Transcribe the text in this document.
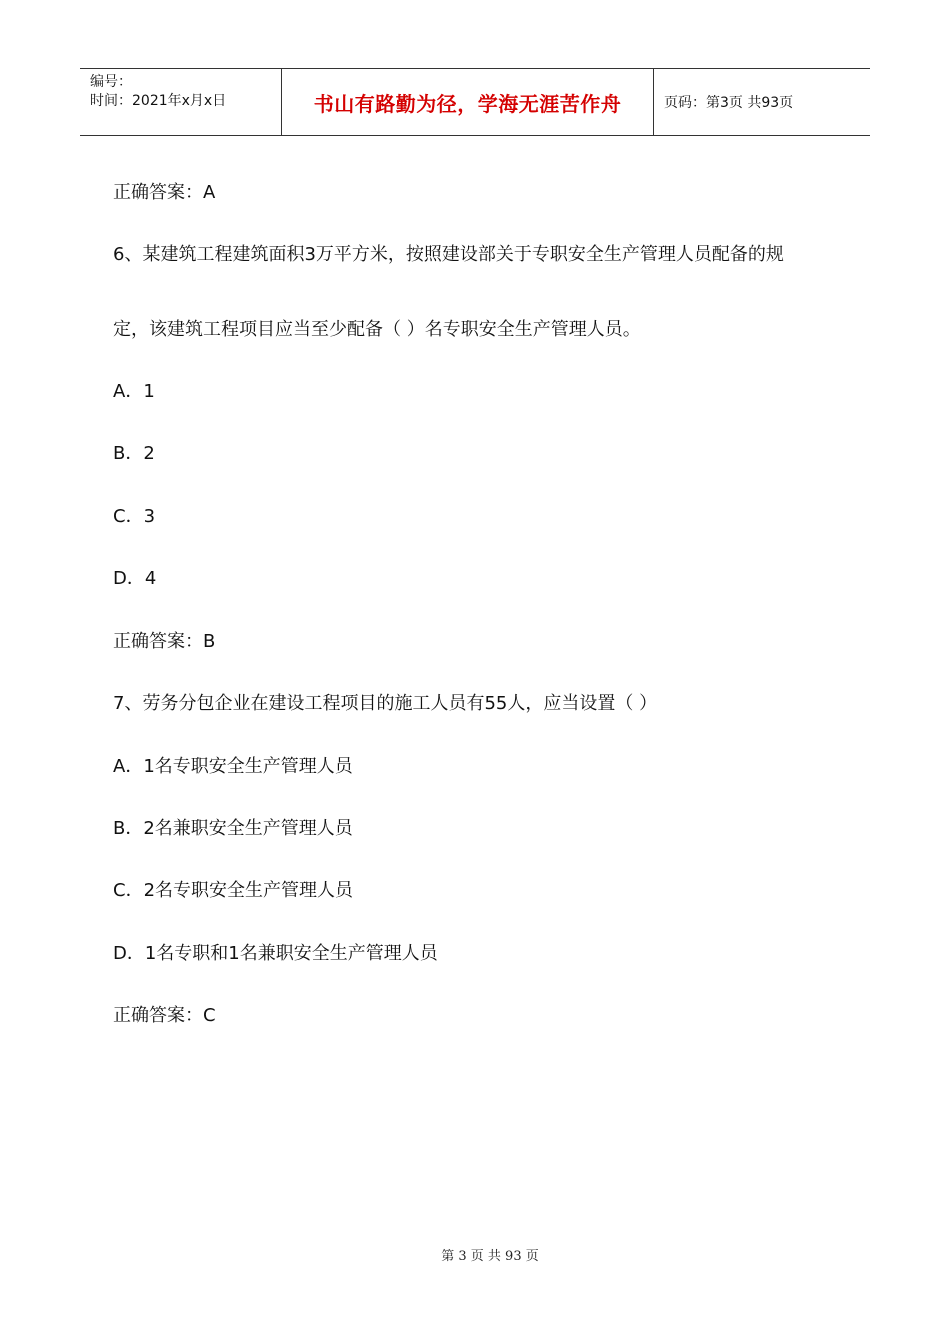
编号：
时间：2021年x月x日	书山有路勤为径，学海无涯苦作舟	页码：第3页 共93页
正确答案：A
6、某建筑工程建筑面积3万平方米，按照建设部关于专职安全生产管理人员配备的规
定，该建筑工程项目应当至少配备（ ）名专职安全生产管理人员。
A．1
B．2
C．3
D．4
正确答案：B
7、劳务分包企业在建设工程项目的施工人员有55人，应当设置（ ）
A．1名专职安全生产管理人员
B．2名兼职安全生产管理人员
C．2名专职安全生产管理人员
D．1名专职和1名兼职安全生产管理人员
正确答案：C
第 3 页 共 93 页
